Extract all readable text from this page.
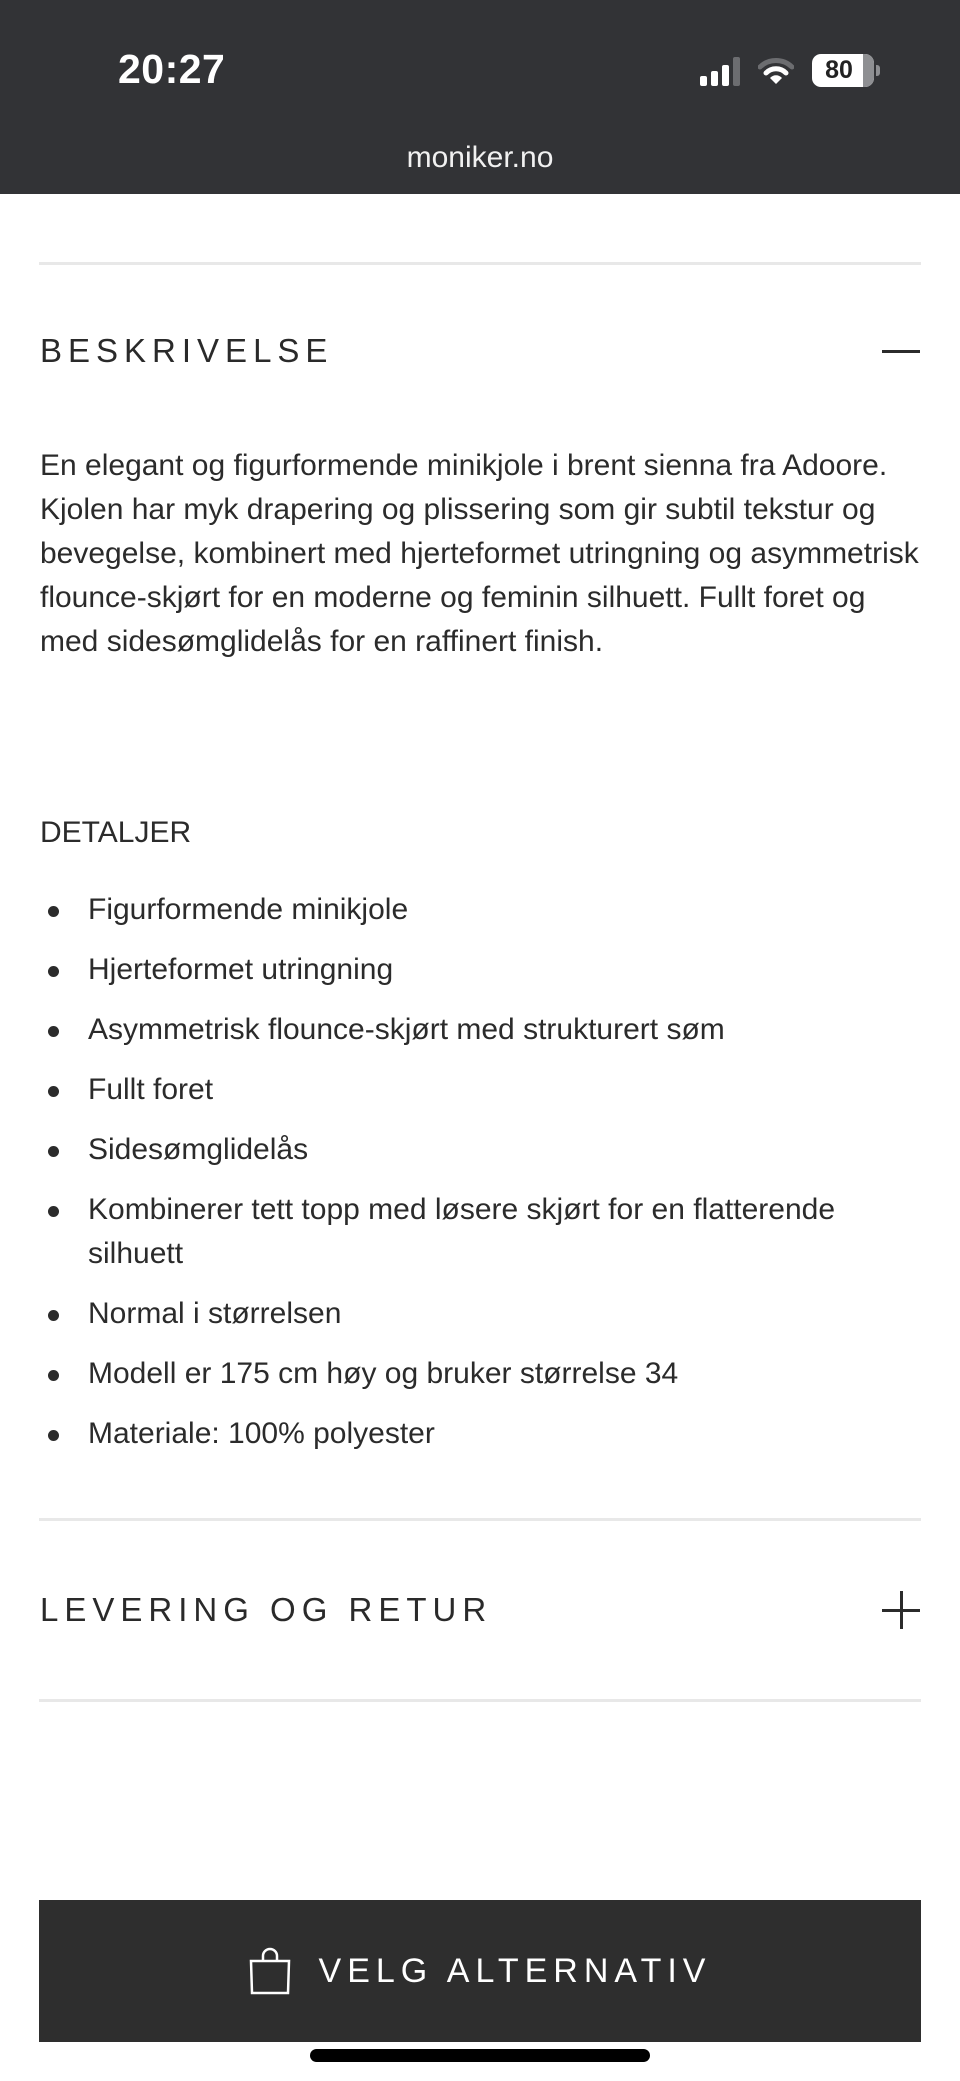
20:27	80
moniker.no
BESKRIVELSE

En elegant og figurformende minikjole i brent sienna fra Adoore. Kjolen har myk drapering og plissering som gir subtil tekstur og bevegelse, kombinert med hjerteformet utringning og asymmetrisk flounce-skjørt for en moderne og feminin silhuett. Fullt foret og med sidesømglidelås for en raffinert finish.

DETALJER
Figurformende minikjole
Hjerteformet utringning
Asymmetrisk flounce-skjørt med strukturert søm
Fullt foret
Sidesømglidelås
Kombinerer tett topp med løsere skjørt for en flatterende silhuett
Normal i størrelsen
Modell er 175 cm høy og bruker størrelse 34
Materiale: 100% polyester
LEVERING OG RETUR
VELG ALTERNATIV
